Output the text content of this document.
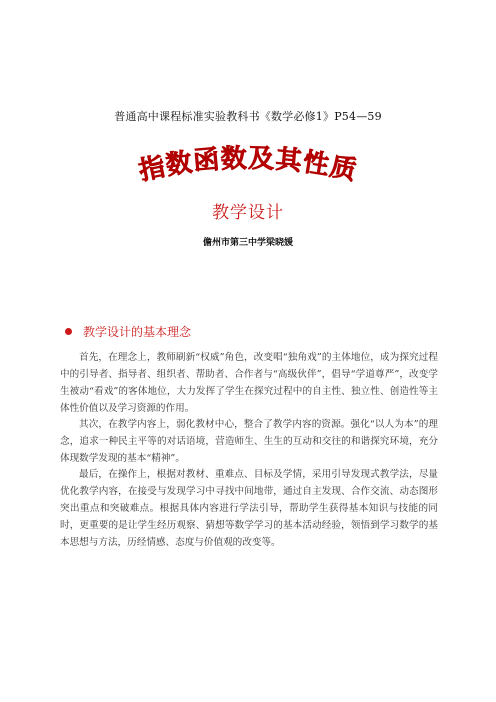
普通高中课程标准实验教科书《数学必修1》P54—59
指数函数及其性质
教学设计
儋州市第三中学梁晓媛
教学设计的基本理念

首先，在理念上，教师刷新“权威”角色，改变唱“独角戏”的主体地位，成为探究过程中的引导者、指导者、组织者、帮助者、合作者与“高级伙伴”，倡导“学道尊严”，改变学生被动“看戏”的客体地位，大力发挥了学生在探究过程中的自主性、独立性、创造性等主体性价值以及学习资源的作用。

其次，在教学内容上，弱化教材中心，整合了教学内容的资源。强化“以人为本”的理念，追求一种民主平等的对话语境，营造师生、生生的互动和交往的和谐探究环境，充分体现数学发现的基本“精神”。

最后，在操作上，根据对教材、重难点、目标及学情，采用引导发现式教学法，尽量优化教学内容，在接受与发现学习中寻找中间地带，通过自主发现、合作交流、动态图形突出重点和突破难点。根据具体内容进行学法引导，帮助学生获得基本知识与技能的同时，更重要的是让学生经历观察、猜想等数学学习的基本活动经验，领悟到学习数学的基本思想与方法，历经情感、态度与价值观的改变等。
